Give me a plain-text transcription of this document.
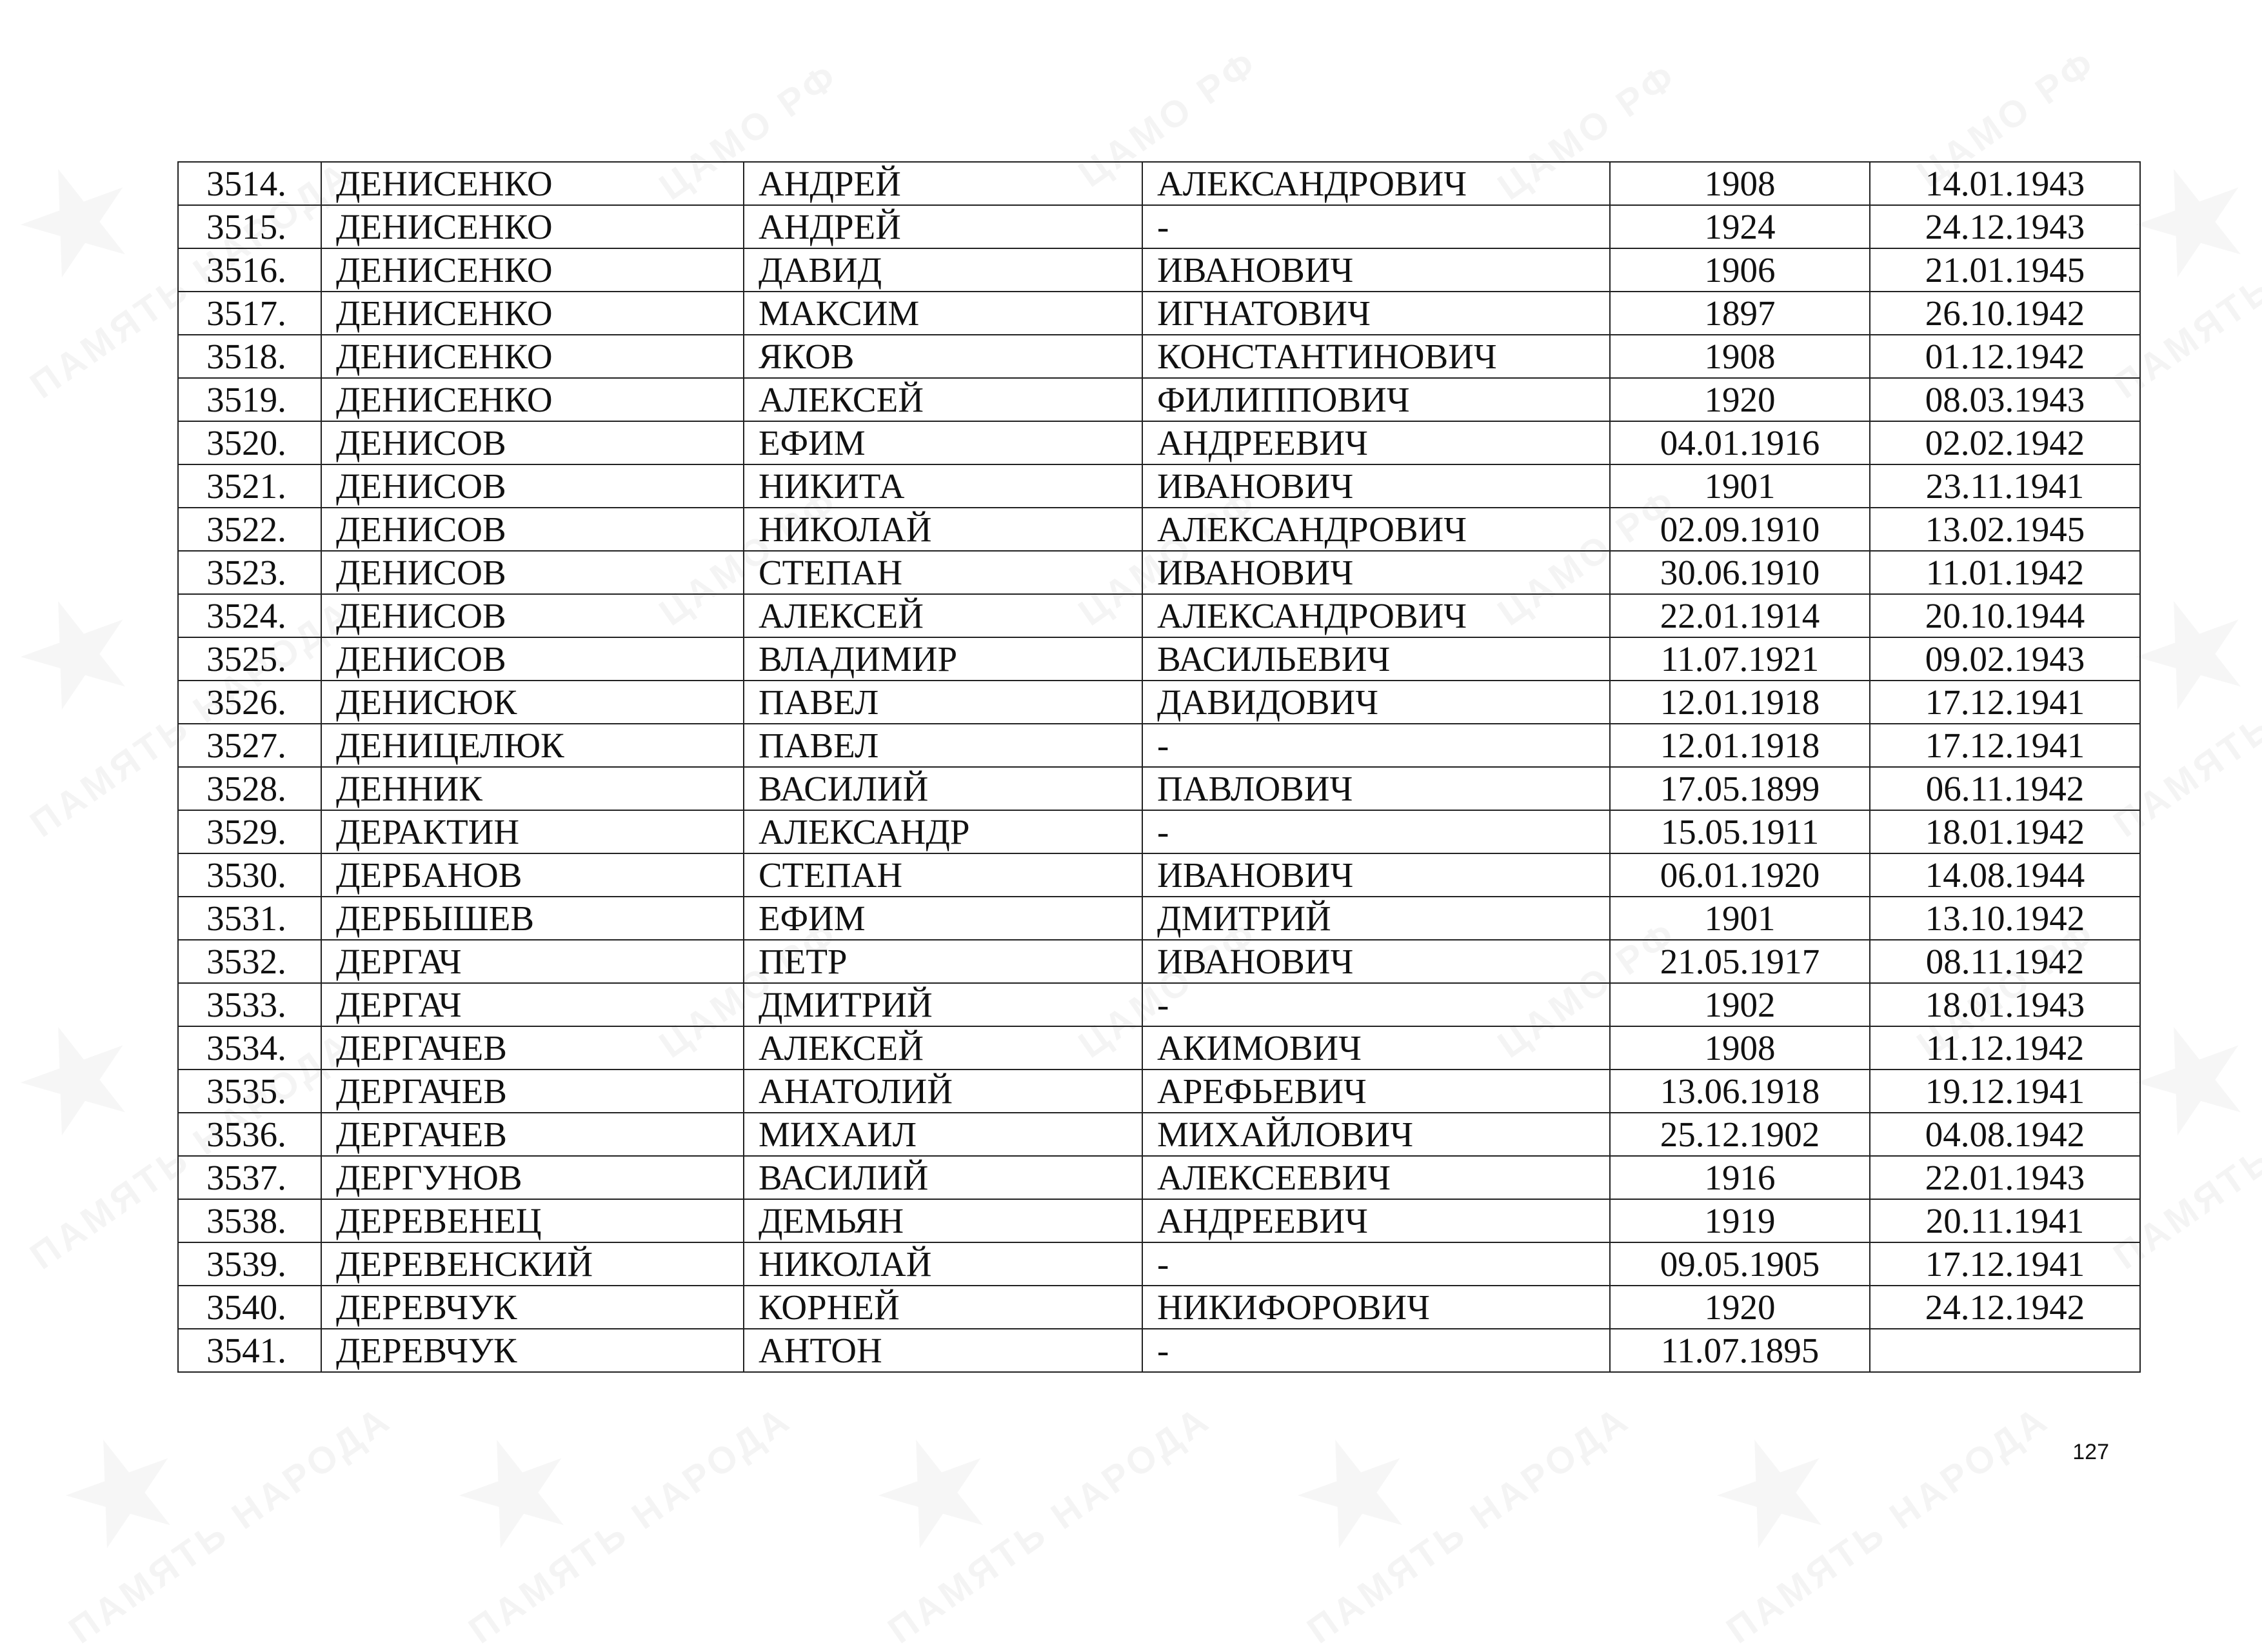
3514.	ДЕНИСЕНКО	АНДРЕЙ	АЛЕКСАНДРОВИЧ	1908	14.01.1943
3515.	ДЕНИСЕНКО	АНДРЕЙ	-	1924	24.12.1943
3516.	ДЕНИСЕНКО	ДАВИД	ИВАНОВИЧ	1906	21.01.1945
3517.	ДЕНИСЕНКО	МАКСИМ	ИГНАТОВИЧ	1897	26.10.1942
3518.	ДЕНИСЕНКО	ЯКОВ	КОНСТАНТИНОВИЧ	1908	01.12.1942
3519.	ДЕНИСЕНКО	АЛЕКСЕЙ	ФИЛИППОВИЧ	1920	08.03.1943
3520.	ДЕНИСОВ	ЕФИМ	АНДРЕЕВИЧ	04.01.1916	02.02.1942
3521.	ДЕНИСОВ	НИКИТА	ИВАНОВИЧ	1901	23.11.1941
3522.	ДЕНИСОВ	НИКОЛАЙ	АЛЕКСАНДРОВИЧ	02.09.1910	13.02.1945
3523.	ДЕНИСОВ	СТЕПАН	ИВАНОВИЧ	30.06.1910	11.01.1942
3524.	ДЕНИСОВ	АЛЕКСЕЙ	АЛЕКСАНДРОВИЧ	22.01.1914	20.10.1944
3525.	ДЕНИСОВ	ВЛАДИМИР	ВАСИЛЬЕВИЧ	11.07.1921	09.02.1943
3526.	ДЕНИСЮК	ПАВЕЛ	ДАВИДОВИЧ	12.01.1918	17.12.1941
3527.	ДЕНИЦЕЛЮК	ПАВЕЛ	-	12.01.1918	17.12.1941
3528.	ДЕННИК	ВАСИЛИЙ	ПАВЛОВИЧ	17.05.1899	06.11.1942
3529.	ДЕРАКТИН	АЛЕКСАНДР	-	15.05.1911	18.01.1942
3530.	ДЕРБАНОВ	СТЕПАН	ИВАНОВИЧ	06.01.1920	14.08.1944
3531.	ДЕРБЫШЕВ	ЕФИМ	ДМИТРИЙ	1901	13.10.1942
3532.	ДЕРГАЧ	ПЕТР	ИВАНОВИЧ	21.05.1917	08.11.1942
3533.	ДЕРГАЧ	ДМИТРИЙ	-	1902	18.01.1943
3534.	ДЕРГАЧЕВ	АЛЕКСЕЙ	АКИМОВИЧ	1908	11.12.1942
3535.	ДЕРГАЧЕВ	АНАТОЛИЙ	АРЕФЬЕВИЧ	13.06.1918	19.12.1941
3536.	ДЕРГАЧЕВ	МИХАИЛ	МИХАЙЛОВИЧ	25.12.1902	04.08.1942
3537.	ДЕРГУНОВ	ВАСИЛИЙ	АЛЕКСЕЕВИЧ	1916	22.01.1943
3538.	ДЕРЕВЕНЕЦ	ДЕМЬЯН	АНДРЕЕВИЧ	1919	20.11.1941
3539.	ДЕРЕВЕНСКИЙ	НИКОЛАЙ	-	09.05.1905	17.12.1941
3540.	ДЕРЕВЧУК	КОРНЕЙ	НИКИФОРОВИЧ	1920	24.12.1942
3541.	ДЕРЕВЧУК	АНТОН	-	11.07.1895	
127
